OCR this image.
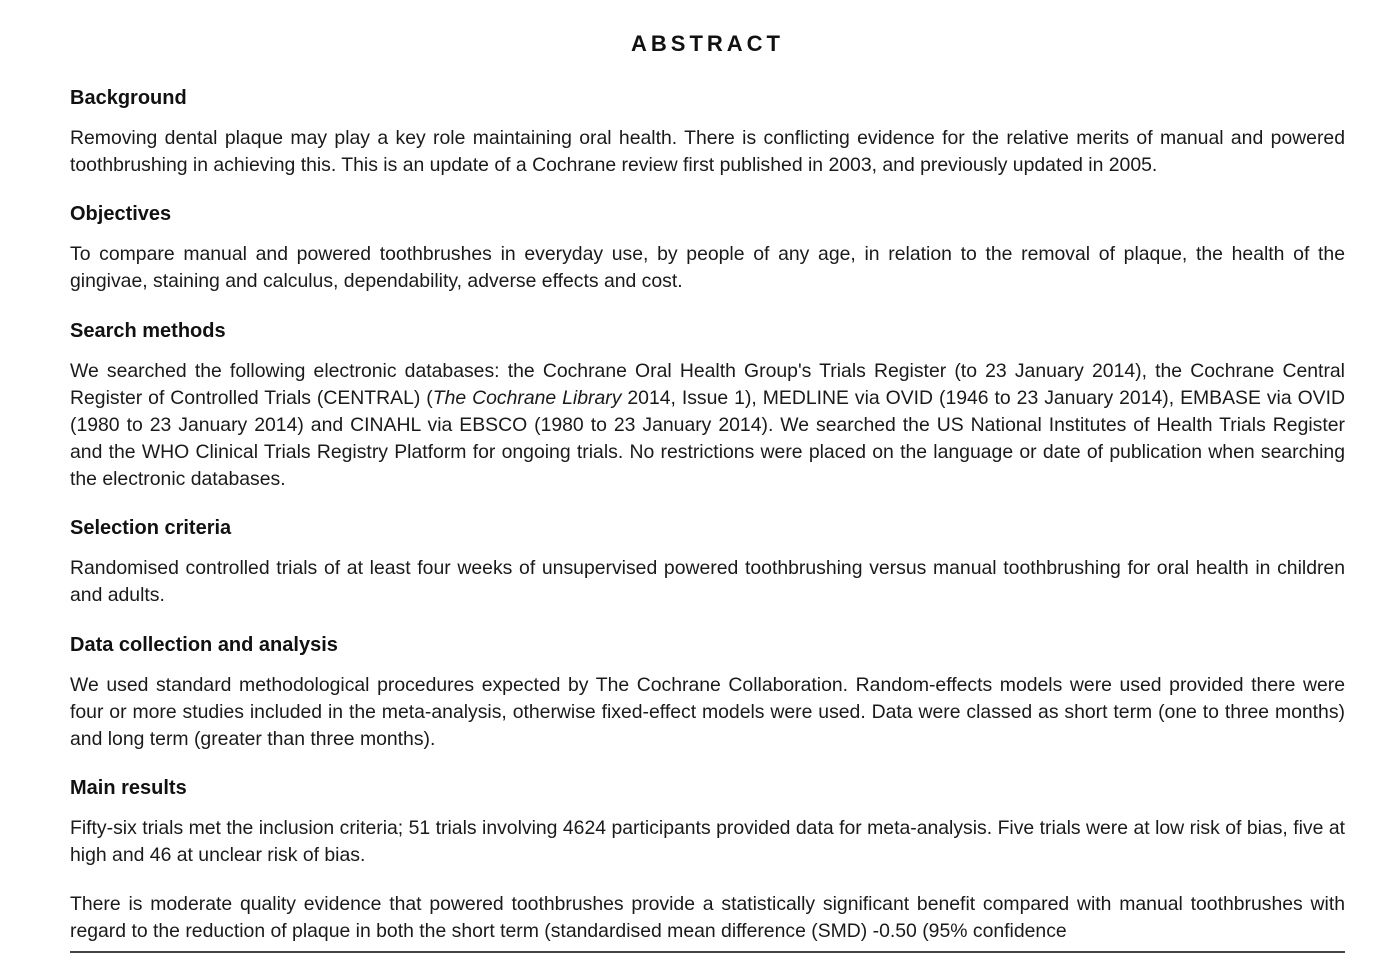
ABSTRACT
Background

Removing dental plaque may play a key role maintaining oral health. There is conflicting evidence for the relative merits of manual and powered toothbrushing in achieving this. This is an update of a Cochrane review first published in 2003, and previously updated in 2005.

Objectives

To compare manual and powered toothbrushes in everyday use, by people of any age, in relation to the removal of plaque, the health of the gingivae, staining and calculus, dependability, adverse effects and cost.

Search methods

We searched the following electronic databases: the Cochrane Oral Health Group's Trials Register (to 23 January 2014), the Cochrane Central Register of Controlled Trials (CENTRAL) (The Cochrane Library 2014, Issue 1), MEDLINE via OVID (1946 to 23 January 2014), EMBASE via OVID (1980 to 23 January 2014) and CINAHL via EBSCO (1980 to 23 January 2014). We searched the US National Institutes of Health Trials Register and the WHO Clinical Trials Registry Platform for ongoing trials. No restrictions were placed on the language or date of publication when searching the electronic databases.

Selection criteria

Randomised controlled trials of at least four weeks of unsupervised powered toothbrushing versus manual toothbrushing for oral health in children and adults.

Data collection and analysis

We used standard methodological procedures expected by The Cochrane Collaboration. Random-effects models were used provided there were four or more studies included in the meta-analysis, otherwise fixed-effect models were used. Data were classed as short term (one to three months) and long term (greater than three months).

Main results

Fifty-six trials met the inclusion criteria; 51 trials involving 4624 participants provided data for meta-analysis. Five trials were at low risk of bias, five at high and 46 at unclear risk of bias.

There is moderate quality evidence that powered toothbrushes provide a statistically significant benefit compared with manual toothbrushes with regard to the reduction of plaque in both the short term (standardised mean difference (SMD) -0.50 (95% confidence
